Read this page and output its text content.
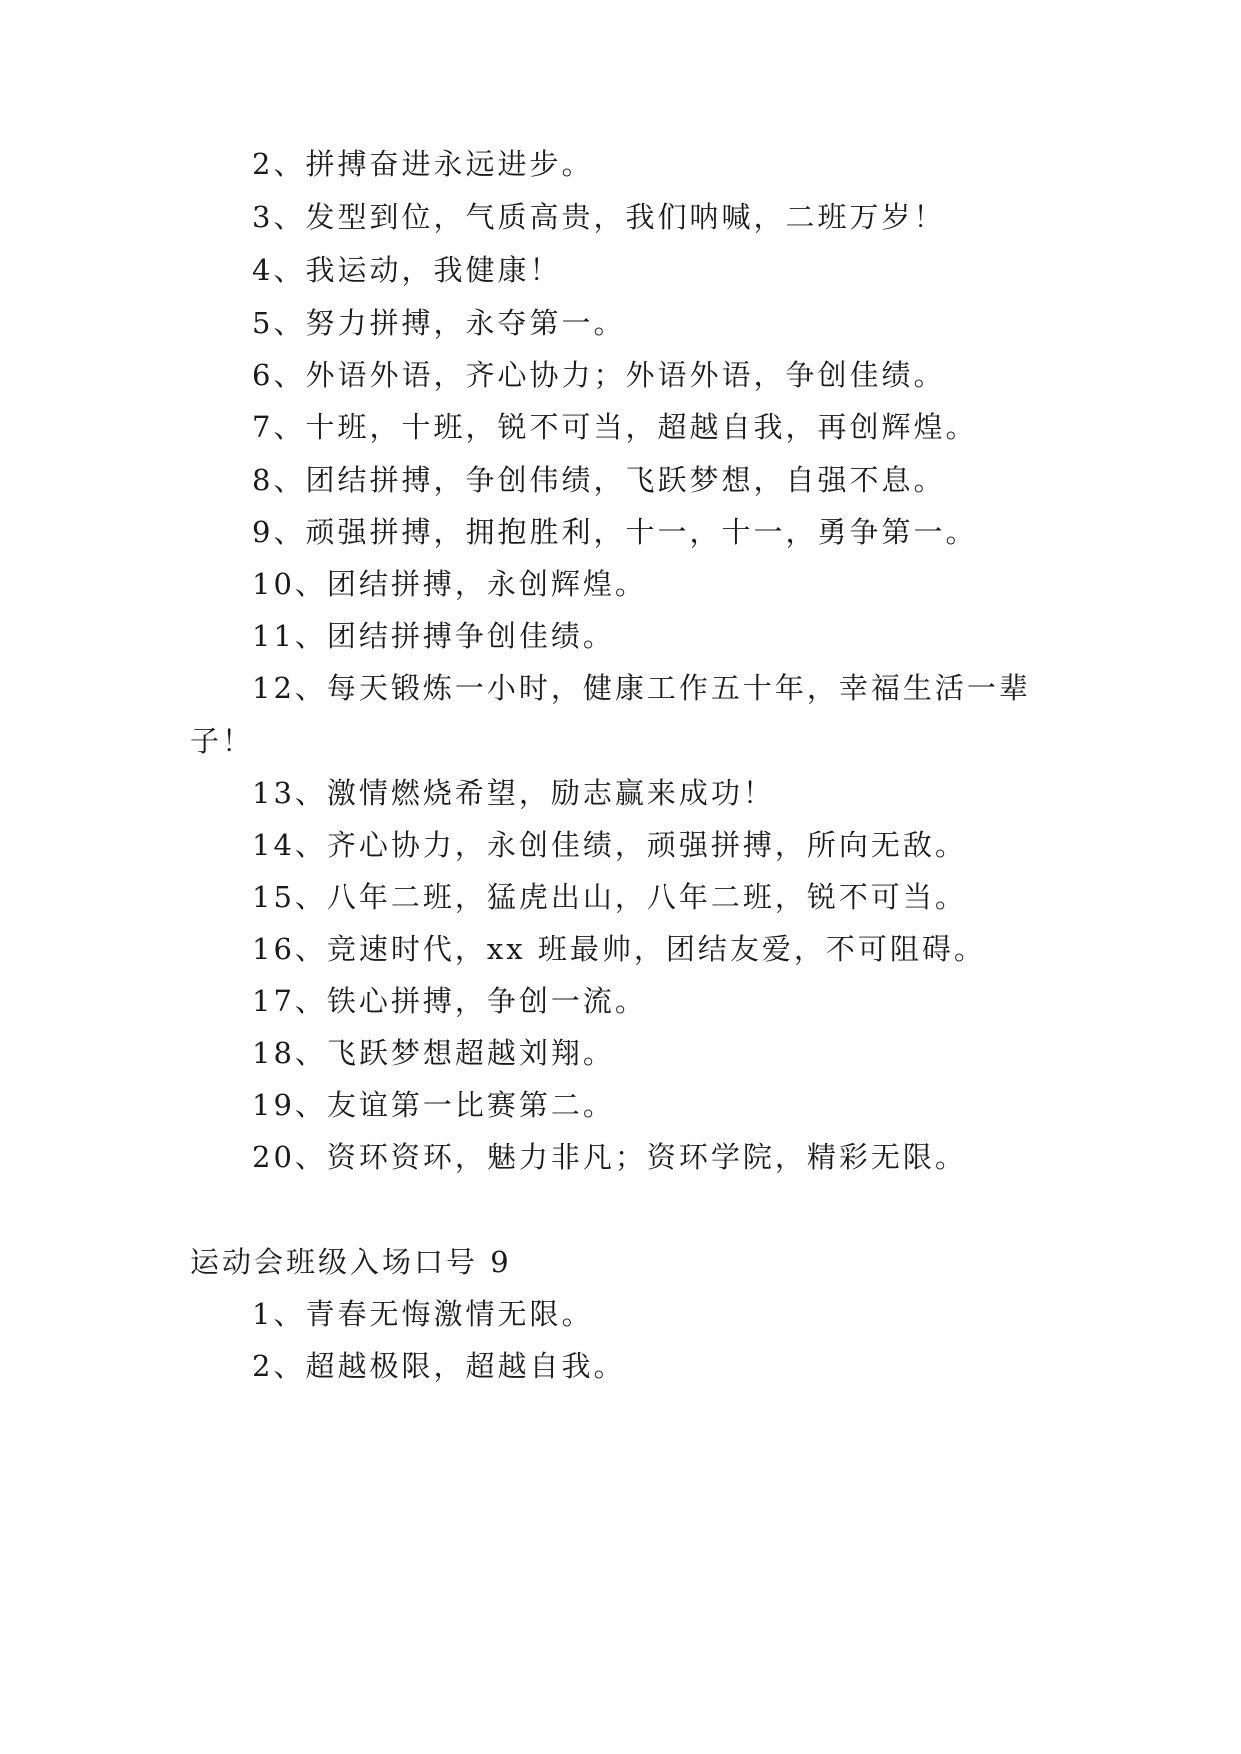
2、拼搏奋进永远进步。
3、发型到位，气质高贵，我们呐喊，二班万岁！
4、我运动，我健康！
5、努力拼搏，永夺第一。
6、外语外语，齐心协力；外语外语，争创佳绩。
7、十班，十班，锐不可当，超越自我，再创辉煌。
8、团结拼搏，争创伟绩，飞跃梦想，自强不息。
9、顽强拼搏，拥抱胜利，十一，十一，勇争第一。
10、团结拼搏，永创辉煌。
11、团结拼搏争创佳绩。
12、每天锻炼一小时，健康工作五十年，幸福生活一辈
子！
13、激情燃烧希望，励志赢来成功！
14、齐心协力，永创佳绩，顽强拼搏，所向无敌。
15、八年二班，猛虎出山，八年二班，锐不可当。
16、竞速时代，xx 班最帅，团结友爱，不可阻碍。
17、铁心拼搏，争创一流。
18、飞跃梦想超越刘翔。
19、友谊第一比赛第二。
20、资环资环，魅力非凡；资环学院，精彩无限。
运动会班级入场口号 9
1、青春无悔激情无限。
2、超越极限，超越自我。
